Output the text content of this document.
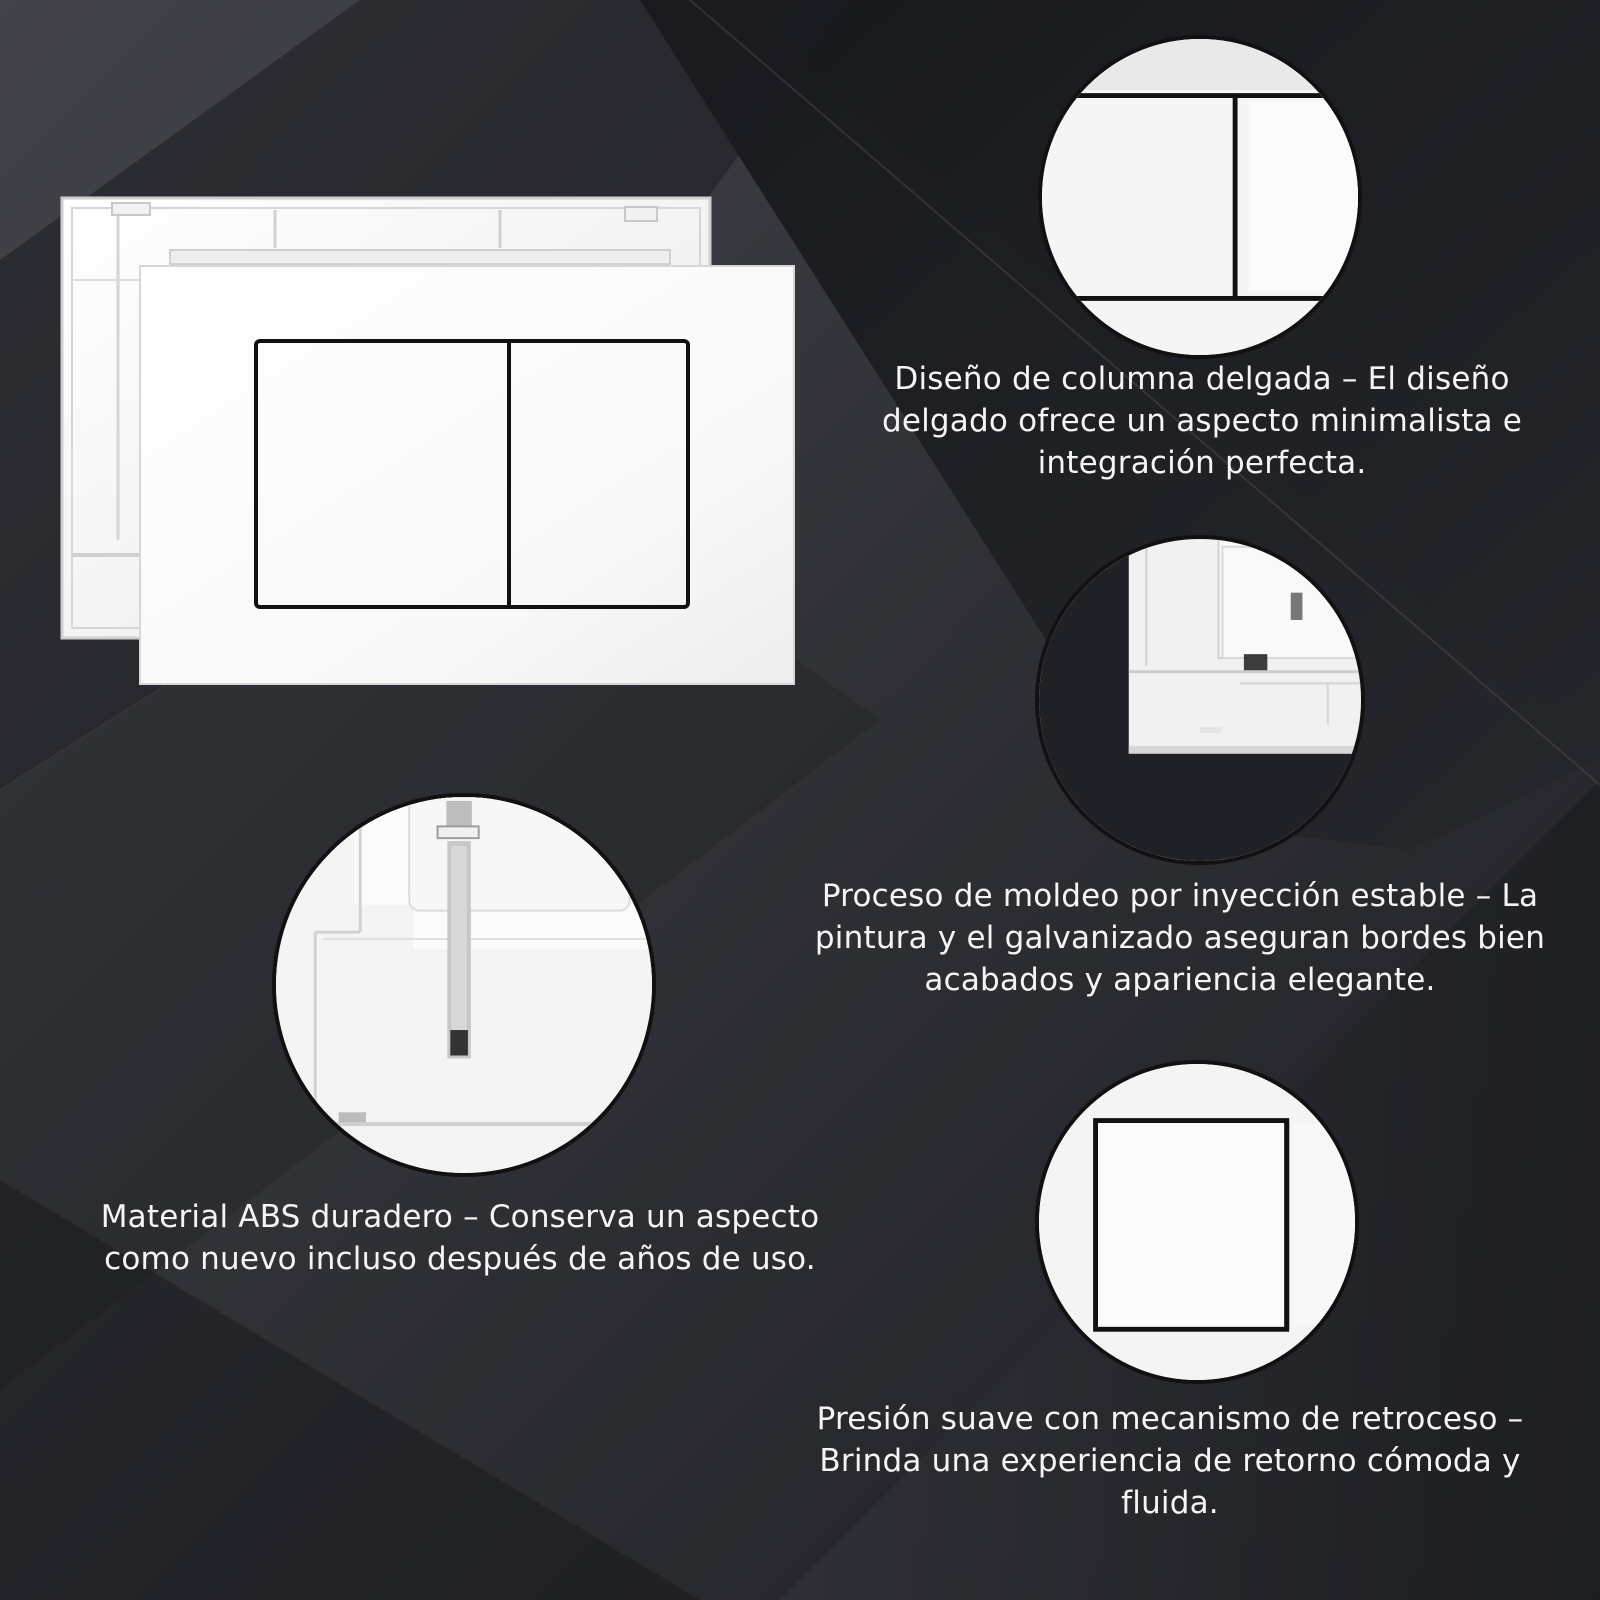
Diseño de columna delgada – El diseño delgado ofrece un aspecto minimalista e integración perfecta.
Proceso de moldeo por inyección estable – La pintura y el galvanizado aseguran bordes bien acabados y apariencia elegante.
Material ABS duradero – Conserva un aspecto como nuevo incluso después de años de uso.
Presión suave con mecanismo de retroceso – Brinda una experiencia de retorno cómoda y fluida.
